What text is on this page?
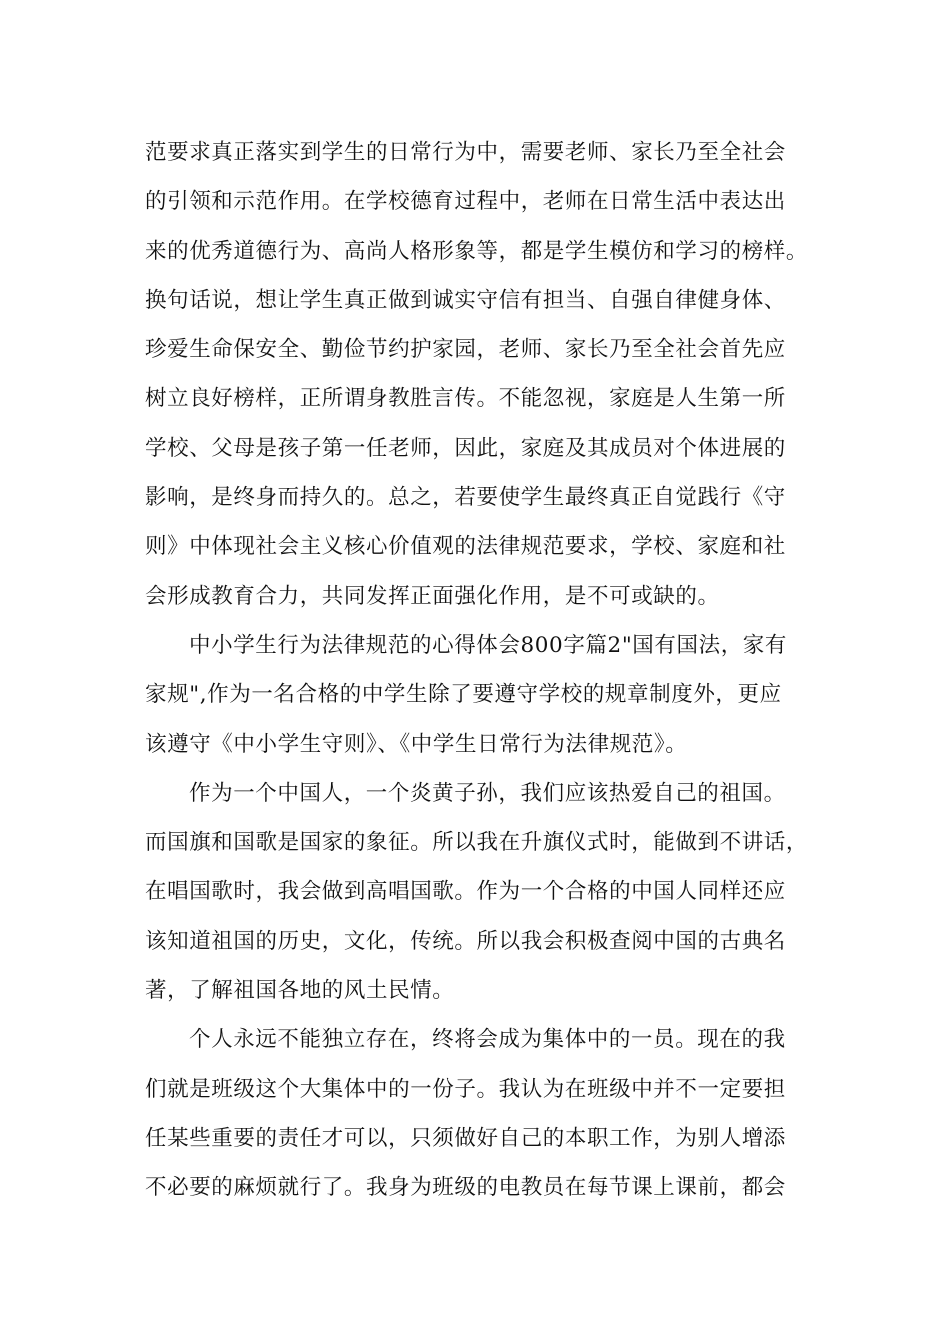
范要求真正落实到学生的日常行为中，需要老师、家长乃至全社会
的引领和示范作用。在学校德育过程中，老师在日常生活中表达出
来的优秀道德行为、高尚人格形象等，都是学生模仿和学习的榜样。
换句话说，想让学生真正做到诚实守信有担当、自强自律健身体、
珍爱生命保安全、勤俭节约护家园，老师、家长乃至全社会首先应
树立良好榜样，正所谓身教胜言传。不能忽视，家庭是人生第一所
学校、父母是孩子第一任老师，因此，家庭及其成员对个体进展的
影响，是终身而持久的。总之，若要使学生最终真正自觉践行《守
则》中体现社会主义核心价值观的法律规范要求，学校、家庭和社
会形成教育合力，共同发挥正面强化作用，是不可或缺的。
中小学生行为法律规范的心得体会800字篇2"国有国法，家有
家规",作为一名合格的中学生除了要遵守学校的规章制度外，更应
该遵守《中小学生守则》、《中学生日常行为法律规范》。
作为一个中国人，一个炎黄子孙，我们应该热爱自己的祖国。
而国旗和国歌是国家的象征。所以我在升旗仪式时，能做到不讲话，
在唱国歌时，我会做到高唱国歌。作为一个合格的中国人同样还应
该知道祖国的历史，文化，传统。所以我会积极查阅中国的古典名
著，了解祖国各地的风土民情。
个人永远不能独立存在，终将会成为集体中的一员。现在的我
们就是班级这个大集体中的一份子。我认为在班级中并不一定要担
任某些重要的责任才可以，只须做好自己的本职工作，为别人增添
不必要的麻烦就行了。我身为班级的电教员在每节课上课前，都会
